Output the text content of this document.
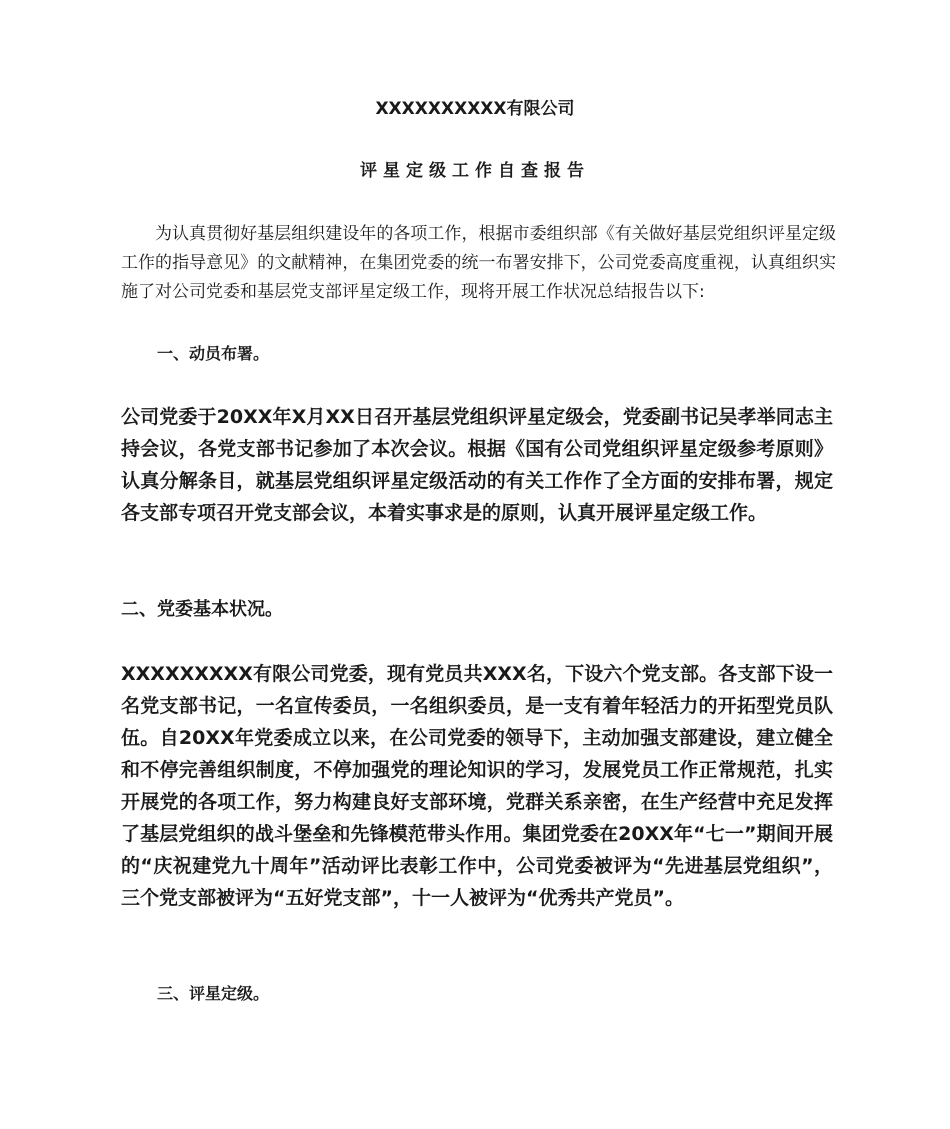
XXXXXXXXXX有限公司
评星定级工作自查报告

为认真贯彻好基层组织建设年的各项工作，根据市委组织部《有关做好基层党组织评星定级工作的指导意见》的文献精神，在集团党委的统一布署安排下，公司党委高度重视，认真组织实施了对公司党委和基层党支部评星定级工作，现将开展工作状况总结报告以下:

一、动员布署。

公司党委于20XX年X月XX日召开基层党组织评星定级会，党委副书记吴孝举同志主持会议，各党支部书记参加了本次会议。根据《国有公司党组织评星定级参考原则》认真分解条目，就基层党组织评星定级活动的有关工作作了全方面的安排布署，规定各支部专项召开党支部会议，本着实事求是的原则，认真开展评星定级工作。

二、党委基本状况。

XXXXXXXXX有限公司党委，现有党员共XXX名，下设六个党支部。各支部下设一名党支部书记，一名宣传委员，一名组织委员，是一支有着年轻活力的开拓型党员队伍。自20XX年党委成立以来，在公司党委的领导下，主动加强支部建设，建立健全和不停完善组织制度，不停加强党的理论知识的学习，发展党员工作正常规范，扎实开展党的各项工作，努力构建良好支部环境，党群关系亲密，在生产经营中充足发挥了基层党组织的战斗堡垒和先锋模范带头作用。集团党委在20XX年“七一”期间开展的“庆祝建党九十周年”活动评比表彰工作中，公司党委被评为“先进基层党组织”，三个党支部被评为“五好党支部”，十一人被评为“优秀共产党员”。

三、评星定级。
